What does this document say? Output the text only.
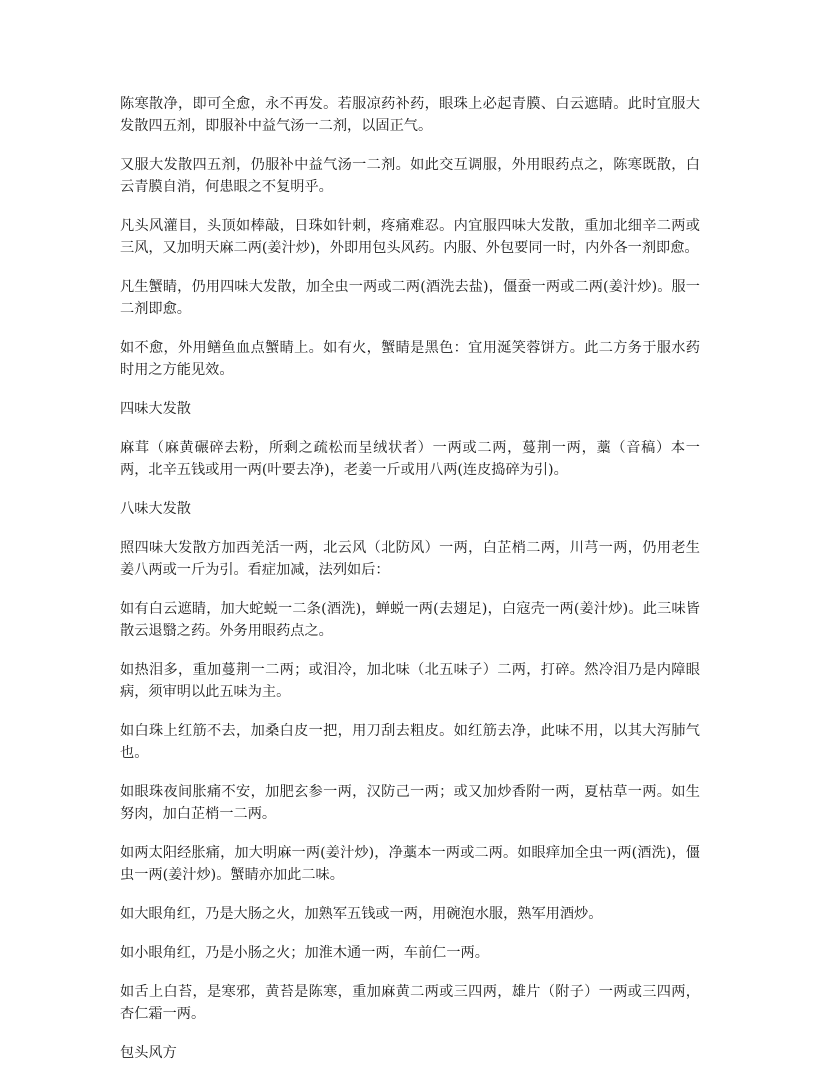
陈寒散净，即可全愈，永不再发。若服凉药补药，眼珠上必起青膜、白云遮睛。此时宜服大发散四五剂，即服补中益气汤一二剂，以固正气。

又服大发散四五剂，仍服补中益气汤一二剂。如此交互调服，外用眼药点之，陈寒既散，白云青膜自消，何患眼之不复明乎。

凡头风灌目，头顶如棒敲，日珠如针刺，疼痛难忍。内宜服四味大发散，重加北细辛二两或三风，又加明天麻二两(姜汁炒)，外即用包头风药。内服、外包要同一时，内外各一剂即愈。

凡生蟹睛，仍用四味大发散，加全虫一两或二两(酒洗去盐)，僵蚕一两或二两(姜汁炒)。服一二剂即愈。

如不愈，外用鳝鱼血点蟹睛上。如有火，蟹睛是黑色：宜用涎笑蓉饼方。此二方务于服水药时用之方能见效。

四味大发散

麻茸（麻黄碾碎去粉，所剩之疏松而呈绒状者）一两或二两，蔓荆一两，藁（音稿）本一两，北辛五钱或用一两(叶要去净)，老姜一斤或用八两(连皮捣碎为引)。

八味大发散

照四味大发散方加西羌活一两，北云风（北防风）一两，白芷梢二两，川芎一两，仍用老生姜八两或一斤为引。看症加减，法列如后：

如有白云遮睛，加大蛇蜕一二条(酒洗)，蝉蜕一两(去翅足)，白寇壳一两(姜汁炒)。此三味皆散云退翳之药。外务用眼药点之。

如热泪多，重加蔓荆一二两；或泪冷，加北味（北五味子）二两，打碎。然冷泪乃是内障眼病，须审明以此五味为主。

如白珠上红筋不去，加桑白皮一把，用刀刮去粗皮。如红筋去净，此味不用，以其大泻肺气也。

如眼珠夜间胀痛不安，加肥玄参一两，汉防己一两；或又加炒香附一两，夏枯草一两。如生努肉，加白芷梢一二两。

如两太阳经胀痛，加大明麻一两(姜汁炒)，净藁本一两或二两。如眼痒加全虫一两(酒洗)，僵虫一两(姜汁炒)。蟹睛亦加此二味。

如大眼角红，乃是大肠之火，加熟军五钱或一两，用碗泡水服，熟军用酒炒。

如小眼角红，乃是小肠之火；加淮木通一两，车前仁一两。

如舌上白苔，是寒邪，黄苔是陈寒，重加麻黄二两或三四两，雄片（附子）一两或三四两，杏仁霜一两。

包头风方
